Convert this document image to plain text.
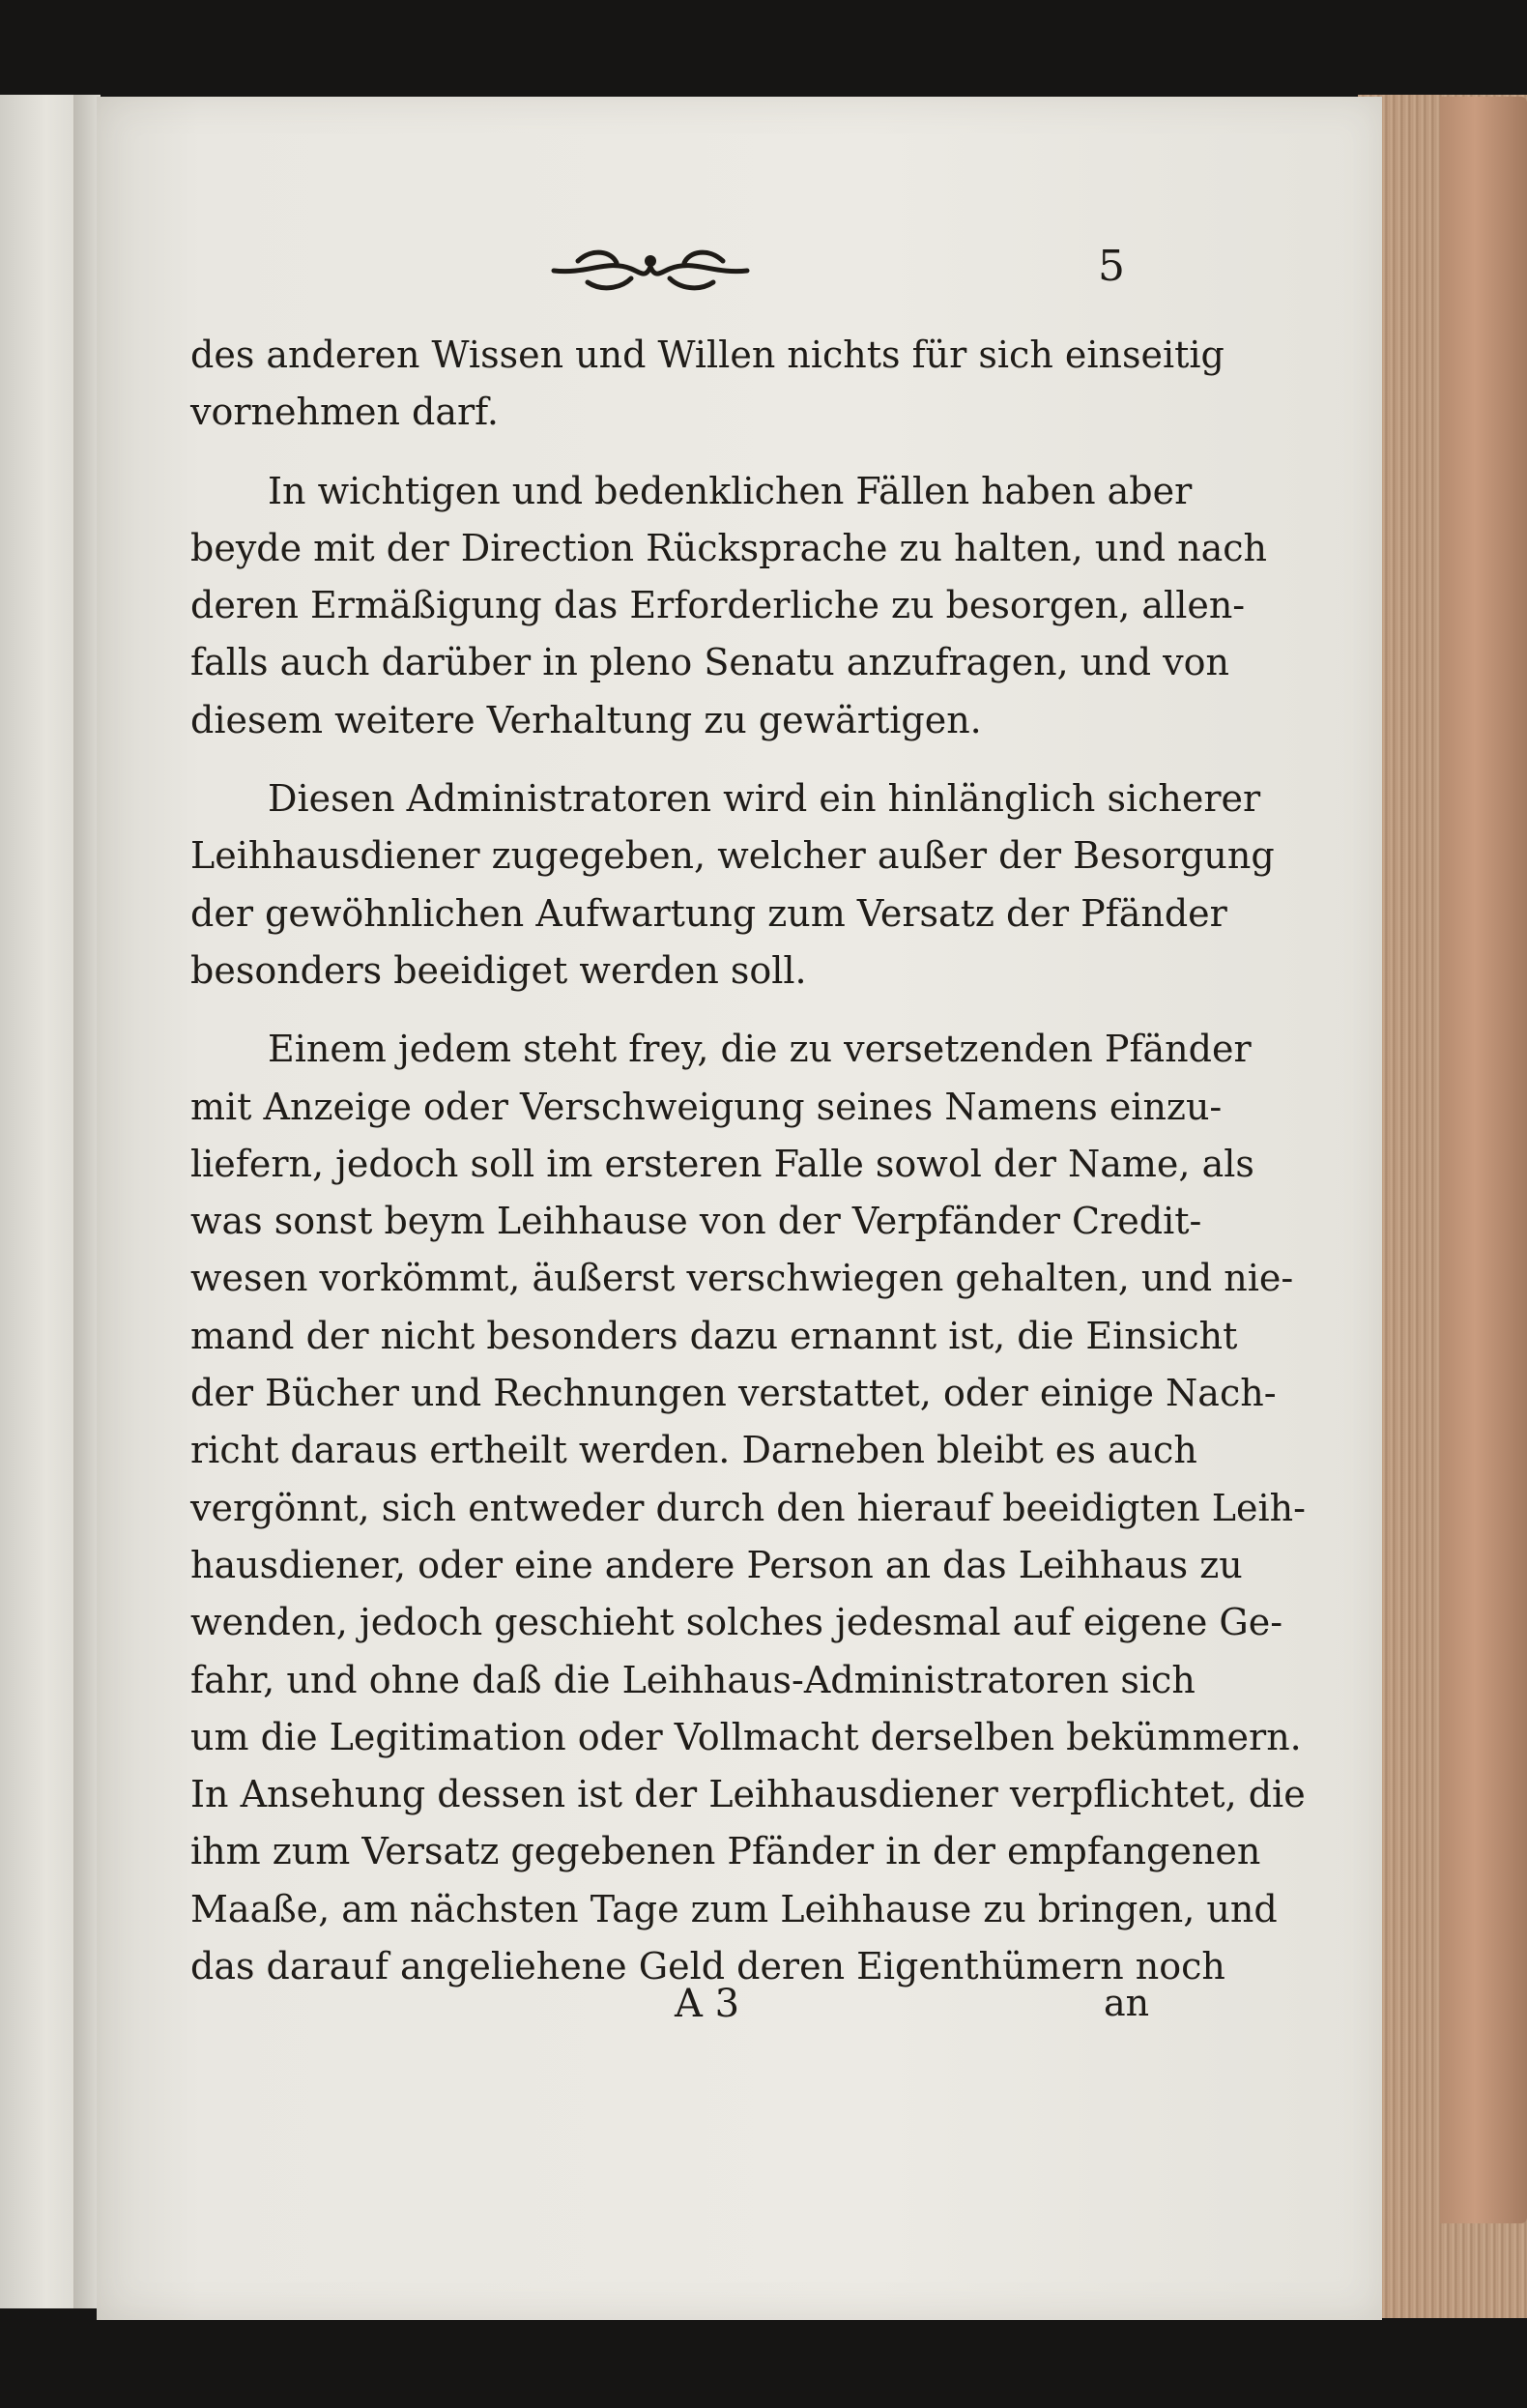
5
des anderen Wissen und Willen nichts für sich einseitig
vornehmen darf.
In wichtigen und bedenklichen Fällen haben aber
beyde mit der Direction Rücksprache zu halten, und nach
deren Ermäßigung das Erforderliche zu besorgen, allen-
falls auch darüber in pleno Senatu anzufragen, und von
diesem weitere Verhaltung zu gewärtigen.
Diesen Administratoren wird ein hinlänglich sicherer
Leihhausdiener zugegeben, welcher außer der Besorgung
der gewöhnlichen Aufwartung zum Versatz der Pfänder
besonders beeidiget werden soll.
Einem jedem steht frey, die zu versetzenden Pfänder
mit Anzeige oder Verschweigung seines Namens einzu-
liefern, jedoch soll im ersteren Falle sowol der Name, als
was sonst beym Leihhause von der Verpfänder Credit-
wesen vorkömmt, äußerst verschwiegen gehalten, und nie-
mand der nicht besonders dazu ernannt ist, die Einsicht
der Bücher und Rechnungen verstattet, oder einige Nach-
richt daraus ertheilt werden. Darneben bleibt es auch
vergönnt, sich entweder durch den hierauf beeidigten Leih-
hausdiener, oder eine andere Person an das Leihhaus zu
wenden, jedoch geschieht solches jedesmal auf eigene Ge-
fahr, und ohne daß die Leihhaus-Administratoren sich
um die Legitimation oder Vollmacht derselben bekümmern.
In Ansehung dessen ist der Leihhausdiener verpflichtet, die
ihm zum Versatz gegebenen Pfänder in der empfangenen
Maaße, am nächsten Tage zum Leihhause zu bringen, und
das darauf angeliehene Geld deren Eigenthümern noch
A 3	an
